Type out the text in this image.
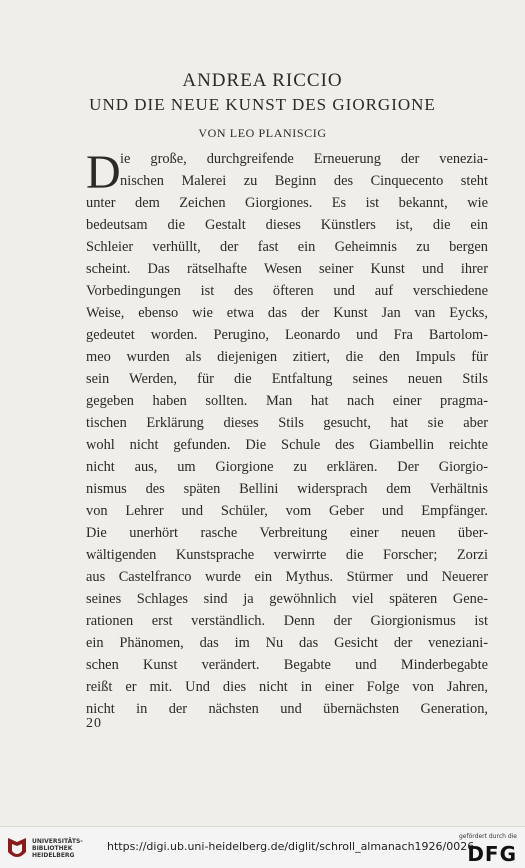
ANDREA RICCIO
UND DIE NEUE KUNST DES GIORGIONE
VON LEO PLANISCIG
D ie große, durchgreifende Erneuerung der venezia-
nischen Malerei zu Beginn des Cinquecento steht
unter dem Zeichen Giorgiones. Es ist bekannt, wie
bedeutsam die Gestalt dieses Künstlers ist, die ein
Schleier verhüllt, der fast ein Geheimnis zu bergen
scheint. Das rätselhafte Wesen seiner Kunst und ihrer
Vorbedingungen ist des öfteren und auf verschiedene
Weise, ebenso wie etwa das der Kunst Jan van Eycks,
gedeutet worden. Perugino, Leonardo und Fra Bartolom-
meo wurden als diejenigen zitiert, die den Impuls für
sein Werden, für die Entfaltung seines neuen Stils
gegeben haben sollten. Man hat nach einer pragma-
tischen Erklärung dieses Stils gesucht, hat sie aber
wohl nicht gefunden. Die Schule des Giambellin reichte
nicht aus, um Giorgione zu erklären. Der Giorgio-
nismus des späten Bellini widersprach dem Verhältnis
von Lehrer und Schüler, vom Geber und Empfänger.
Die unerhört rasche Verbreitung einer neuen über-
wältigenden Kunstsprache verwirrte die Forscher; Zorzi
aus Castelfranco wurde ein Mythus. Stürmer und Neuerer
seines Schlages sind ja gewöhnlich viel späteren Gene-
rationen erst verständlich. Denn der Giorgionismus ist
ein Phänomen, das im Nu das Gesicht der veneziani-
schen Kunst verändert. Begabte und Minderbegabte
reißt er mit. Und dies nicht in einer Folge von Jahren,
nicht in der nächsten und übernächsten Generation,
20
UNIVERSITÄTS-
BIBLIOTHEK
HEIDELBERG
https://digi.ub.uni-heidelberg.de/diglit/schroll_almanach1926/0026
gefördert durch die
DFG
